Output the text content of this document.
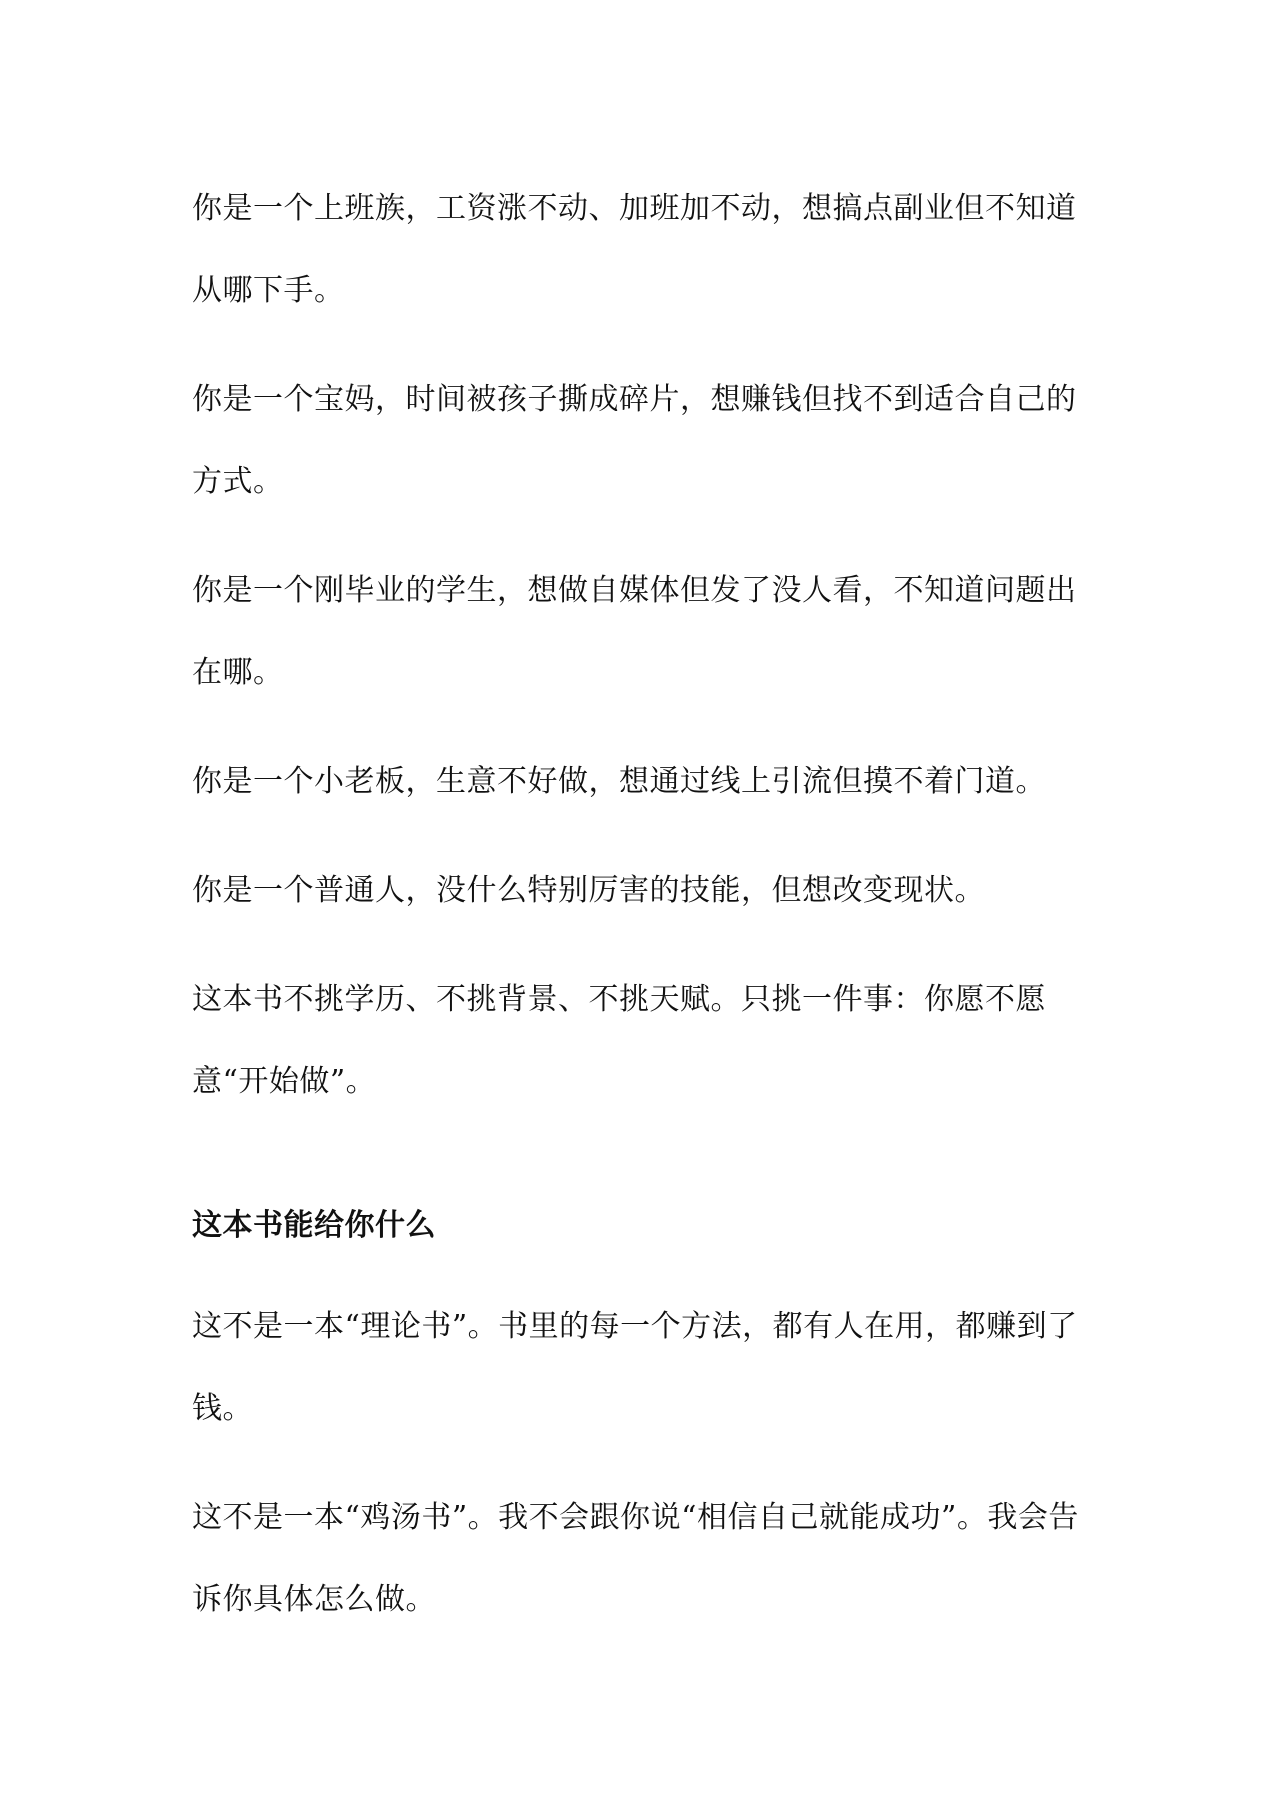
你是一个上班族，工资涨不动、加班加不动，想搞点副业但不知道从哪下手。

你是一个宝妈，时间被孩子撕成碎片，想赚钱但找不到适合自己的方式。

你是一个刚毕业的学生，想做自媒体但发了没人看，不知道问题出在哪。

你是一个小老板，生意不好做，想通过线上引流但摸不着门道。

你是一个普通人，没什么特别厉害的技能，但想改变现状。

这本书不挑学历、不挑背景、不挑天赋。只挑一件事：你愿不愿意“开始做”。

这本书能给你什么

这不是一本“理论书”。书里的每一个方法，都有人在用，都赚到了钱。

这不是一本“鸡汤书”。我不会跟你说“相信自己就能成功”。我会告诉你具体怎么做。
